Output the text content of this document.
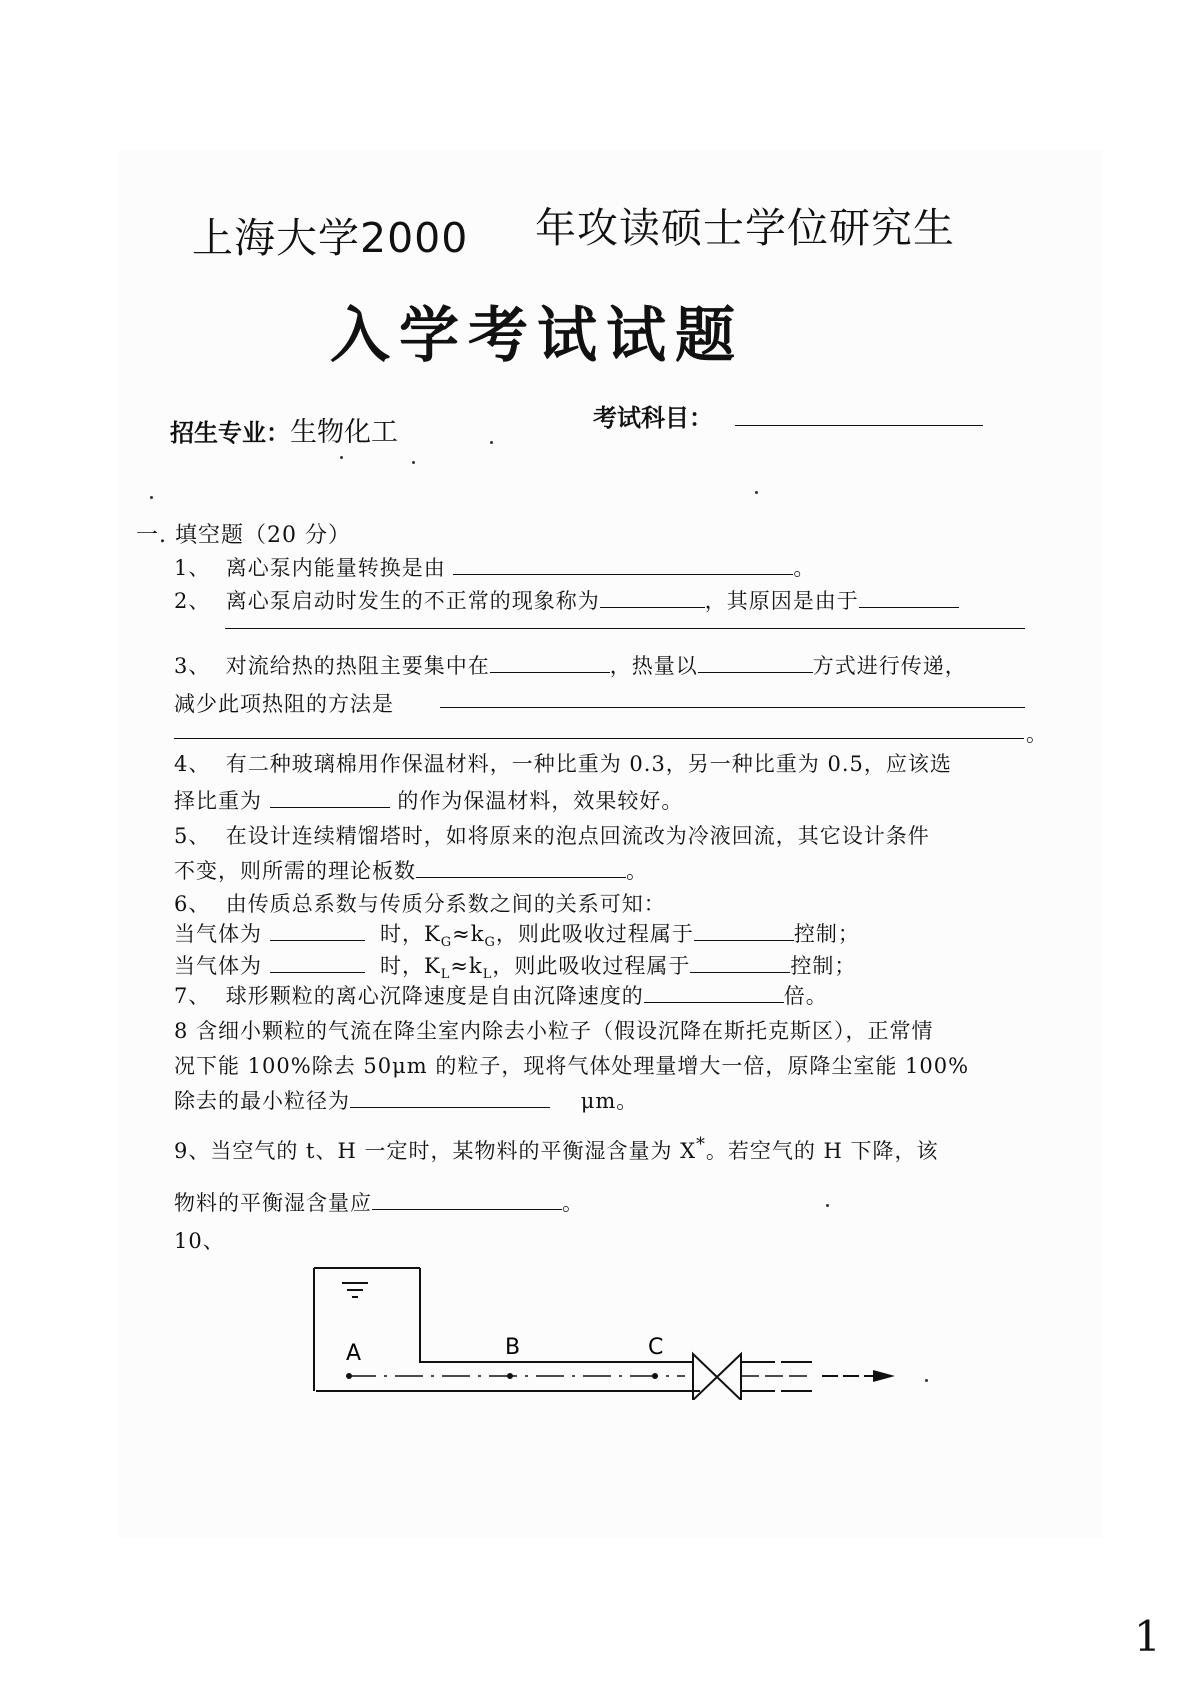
上海大学2000 年攻读硕士学位研究生
入学考试试题
招生专业：生物化工	考试科目：
一. 填空题（20 分）
1、 离心泵内能量转换是由	。
2、 离心泵启动时发生的不正常的现象称为	，其原因是由于
3、 对流给热的热阻主要集中在	，热量以	方式进行传递，
减少此项热阻的方法是
。
4、 有二种玻璃棉用作保温材料，一种比重为 0.3，另一种比重为 0.5，应该选
择比重为	的作为保温材料，效果较好。
5、 在设计连续精馏塔时，如将原来的泡点回流改为冷液回流，其它设计条件
不变，则所需的理论板数	。
6、 由传质总系数与传质分系数之间的关系可知：
当气体为	时，$K_G\approx k_G$，则此吸收过程属于	控制；
当气体为	时，$K_L\approx k_L$，则此吸收过程属于	控制；
7、 球形颗粒的离心沉降速度是自由沉降速度的	倍。
8 含细小颗粒的气流在降尘室内除去小粒子（假设沉降在斯托克斯区），正常情
况下能 100%除去 50μm 的粒子，现将气体处理量增大一倍，原降尘室能 100%
除去的最小粒径为	μm。
9、当空气的 t、H 一定时，某物料的平衡湿含量为 X*。若空气的 H 下降，该
物料的平衡湿含量应	。
10、
A	B	C
1
